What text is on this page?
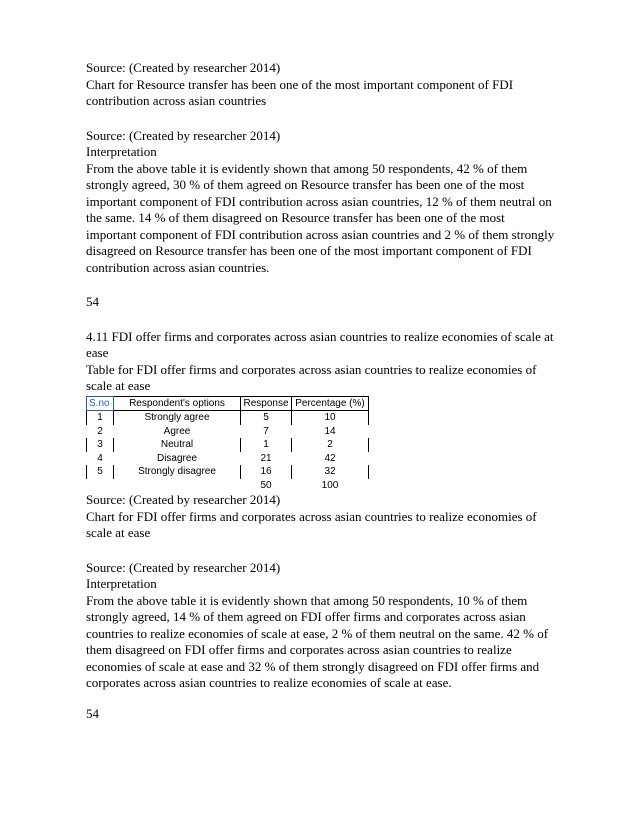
Source: (Created by researcher 2014)

Chart for Resource transfer has been one of the most important component of FDI contribution across asian countries

Source: (Created by researcher 2014)

Interpretation

From the above table it is evidently shown that among 50 respondents, 42 % of them strongly agreed, 30 % of them agreed on Resource transfer has been one of the most important component of FDI contribution across asian countries, 12 % of them neutral on the same. 14 % of them disagreed on Resource transfer has been one of the most important component of FDI contribution across asian countries and 2 % of them strongly disagreed on Resource transfer has been one of the most important component of FDI contribution across asian countries.

54

4.11 FDI offer firms and corporates across asian countries to realize economies of scale at ease

Table for FDI offer firms and corporates across asian countries to realize economies of scale at ease

S.no	Respondent's options	Response	Percentage (%)
1	Strongly agree	5	10
2	Agree	7	14
3	Neutral	1	2
4	Disagree	21	42
5	Strongly disagree	16	32
		50	100

Source: (Created by researcher 2014)

Chart for FDI offer firms and corporates across asian countries to realize economies of scale at ease

Source: (Created by researcher 2014)

Interpretation

From the above table it is evidently shown that among 50 respondents, 10 % of them strongly agreed, 14 % of them agreed on FDI offer firms and corporates across asian countries to realize economies of scale at ease, 2 % of them neutral on the same. 42 % of them disagreed on FDI offer firms and corporates across asian countries to realize economies of scale at ease and 32 % of them strongly disagreed on FDI offer firms and corporates across asian countries to realize economies of scale at ease.

54
